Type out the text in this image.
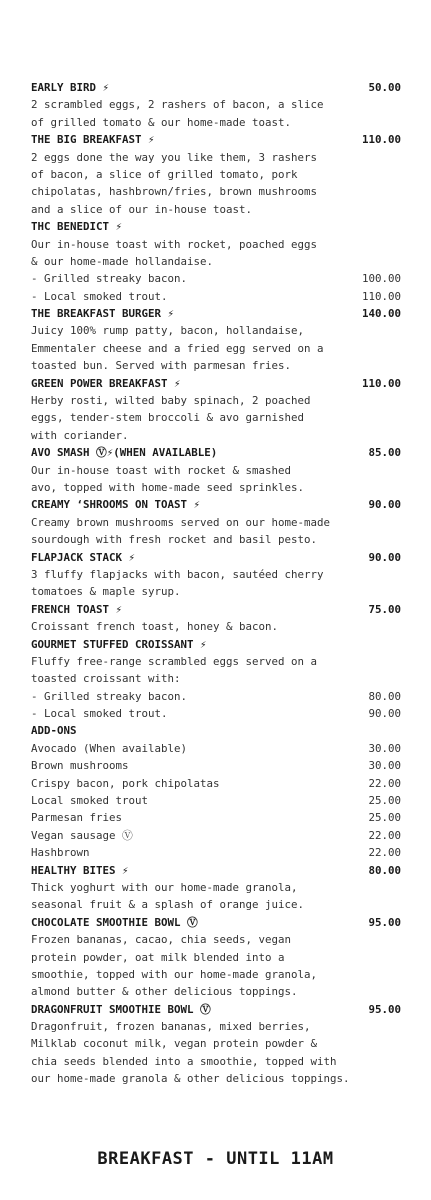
EARLY BIRD ⚡	50.00
2 scrambled eggs, 2 rashers of bacon, a slice
of grilled tomato & our home-made toast.
THE BIG BREAKFAST ⚡	110.00
2 eggs done the way you like them, 3 rashers
of bacon, a slice of grilled tomato, pork
chipolatas, hashbrown/fries, brown mushrooms
and a slice of our in-house toast.
THC BENEDICT ⚡
Our in-house toast with rocket, poached eggs
& our home-made hollandaise.
- Grilled streaky bacon.	100.00
- Local smoked trout.	110.00
THE BREAKFAST BURGER ⚡	140.00
Juicy 100% rump patty, bacon, hollandaise,
Emmentaler cheese and a fried egg served on a
toasted bun. Served with parmesan fries.
GREEN POWER BREAKFAST ⚡	110.00
Herby rosti, wilted baby spinach, 2 poached
eggs, tender-stem broccoli & avo garnished
with coriander.
AVO SMASH Ⓥ⚡(WHEN AVAILABLE)	85.00
Our in-house toast with rocket & smashed
avo, topped with home-made seed sprinkles.
CREAMY ‘SHROOMS ON TOAST ⚡	90.00
Creamy brown mushrooms served on our home-made
sourdough with fresh rocket and basil pesto.
FLAPJACK STACK ⚡	90.00
3 fluffy flapjacks with bacon, sautéed cherry
tomatoes & maple syrup.
FRENCH TOAST ⚡	75.00
Croissant french toast, honey & bacon.
GOURMET STUFFED CROISSANT ⚡
Fluffy free-range scrambled eggs served on a
toasted croissant with:
- Grilled streaky bacon.	80.00
- Local smoked trout.	90.00
ADD-ONS
Avocado (When available)	30.00
Brown mushrooms	30.00
Crispy bacon, pork chipolatas	22.00
Local smoked trout	25.00
Parmesan fries	25.00
Vegan sausage Ⓥ	22.00
Hashbrown	22.00
HEALTHY BITES ⚡	80.00
Thick yoghurt with our home-made granola,
seasonal fruit & a splash of orange juice.
CHOCOLATE SMOOTHIE BOWL Ⓥ	95.00
Frozen bananas, cacao, chia seeds, vegan
protein powder, oat milk blended into a
smoothie, topped with our home-made granola,
almond butter & other delicious toppings.
DRAGONFRUIT SMOOTHIE BOWL Ⓥ	95.00
Dragonfruit, frozen bananas, mixed berries,
Milklab coconut milk, vegan protein powder &
chia seeds blended into a smoothie, topped with
our home-made granola & other delicious toppings.
BREAKFAST - UNTIL 11AM
